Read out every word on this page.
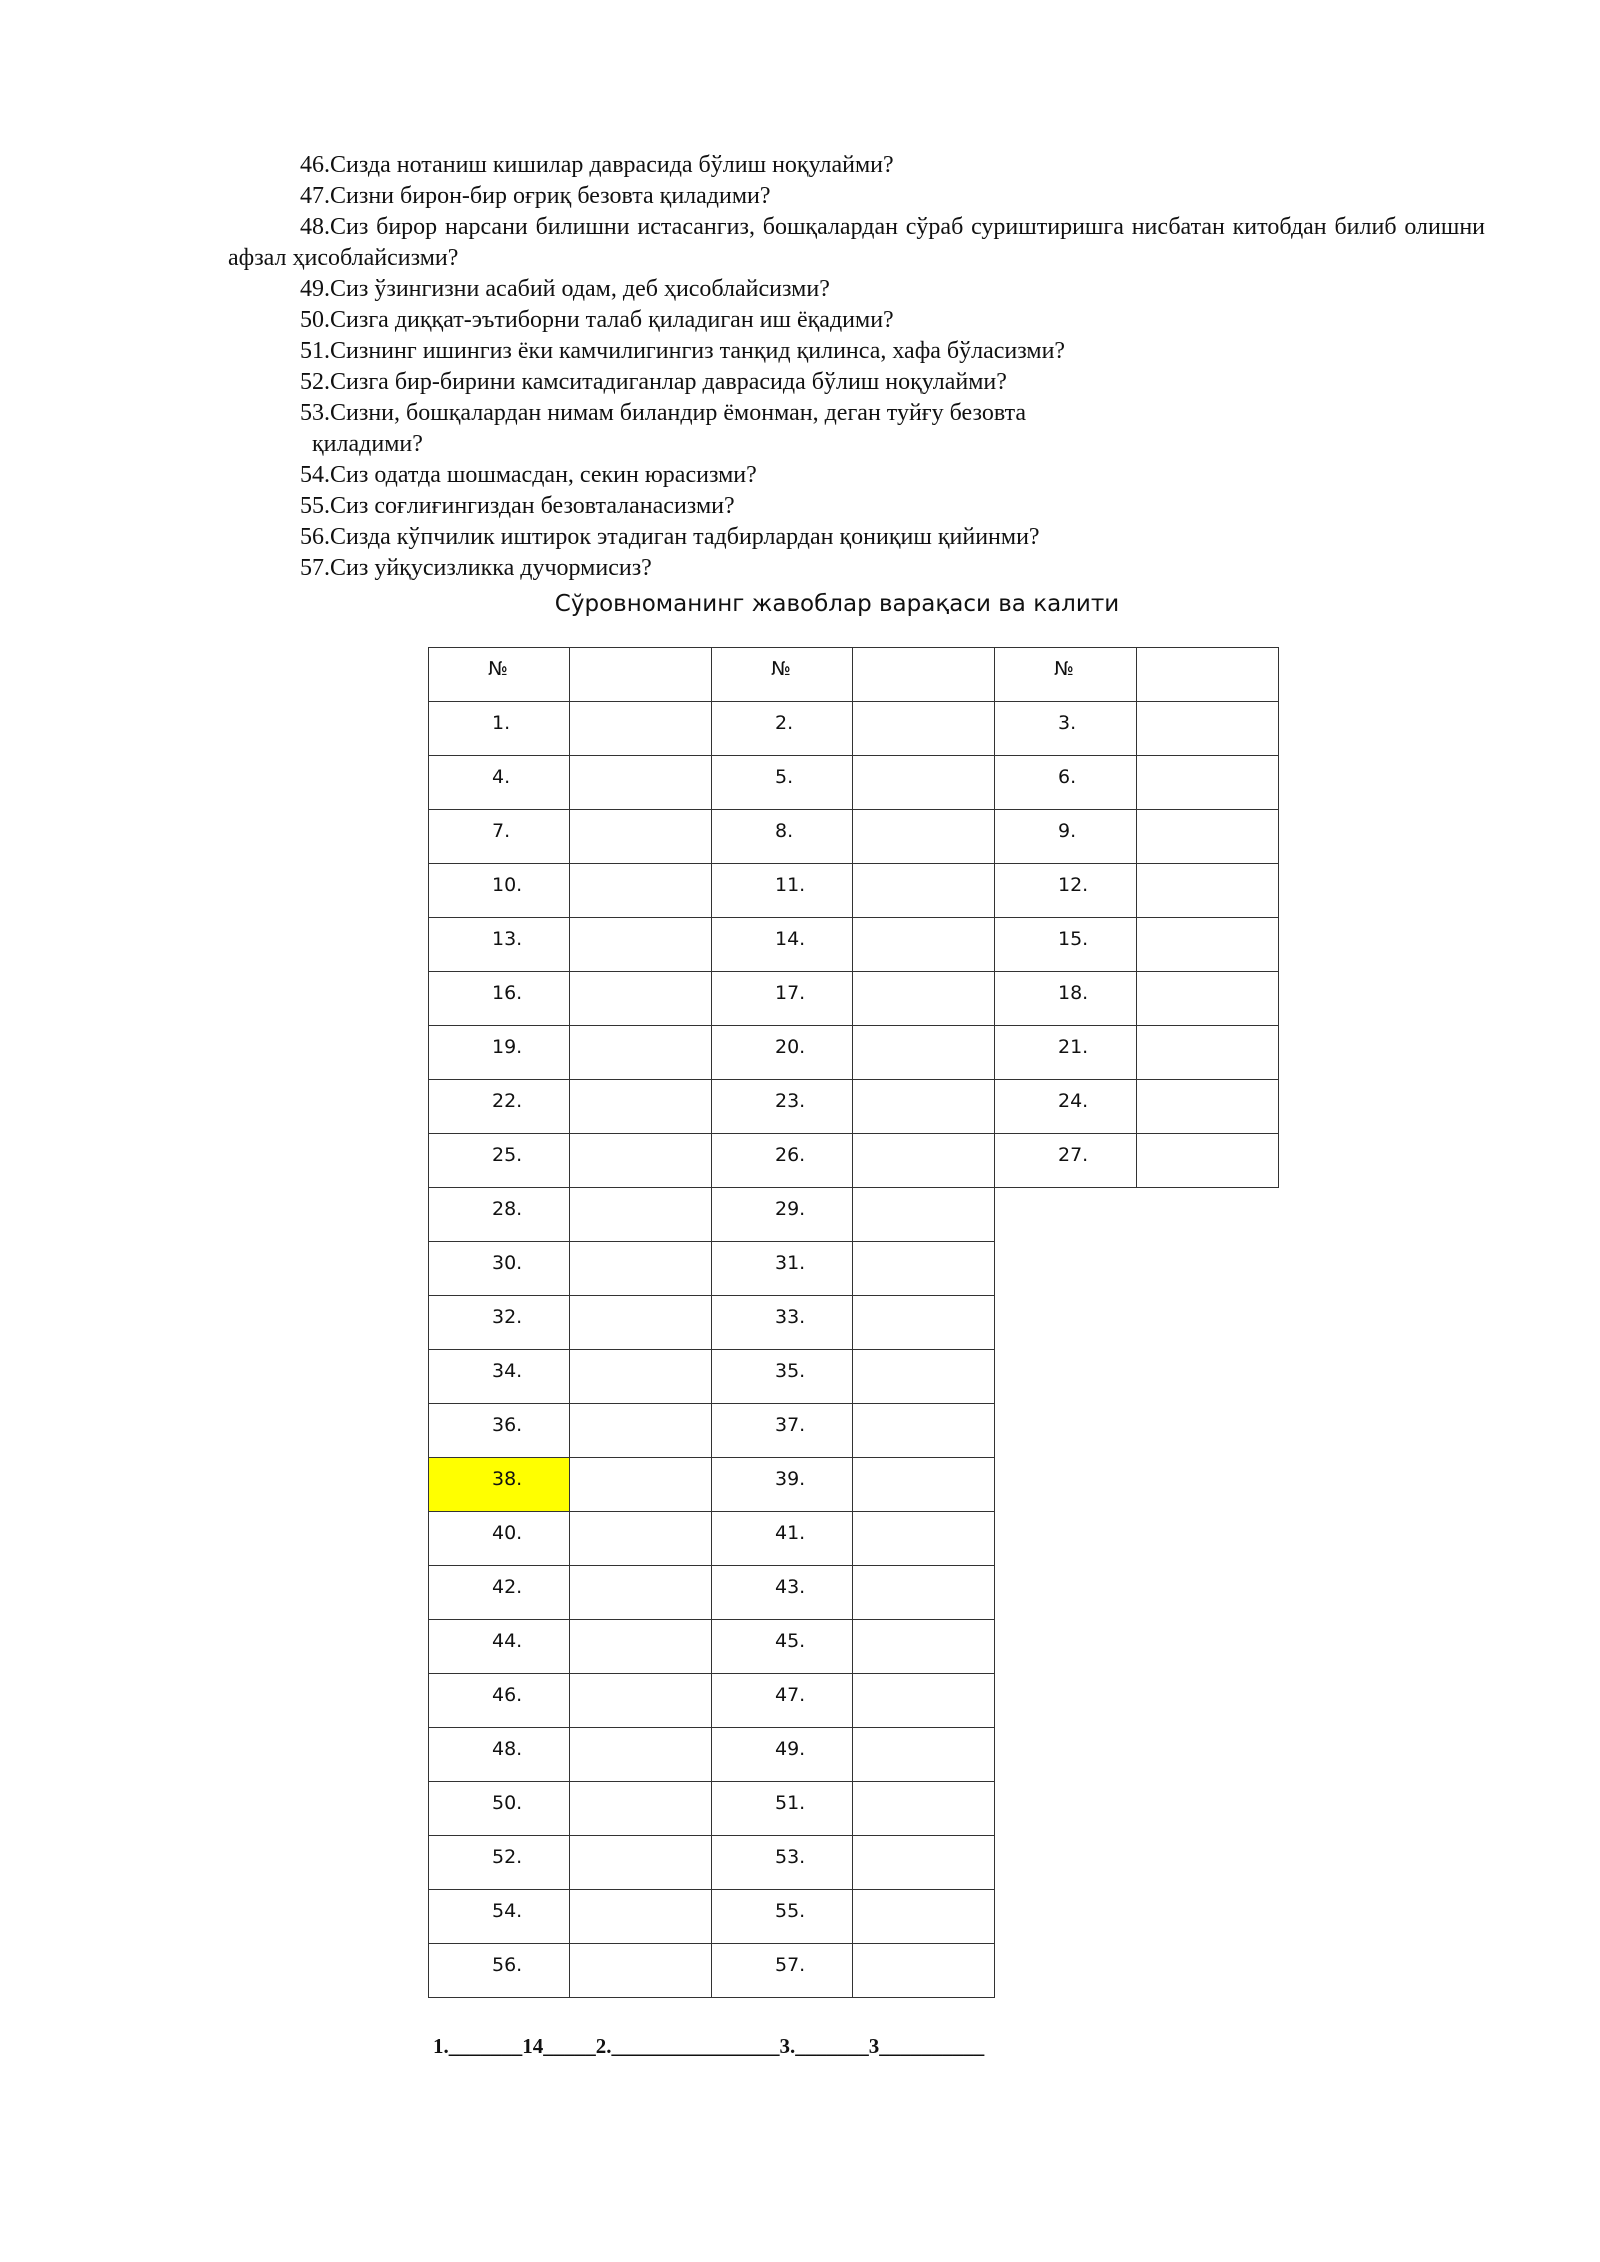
46.Сизда нотаниш кишилар даврасида бўлиш ноқулайми?

47.Сизни бирон-бир оғриқ безовта қиладими?

48.Сиз бирор нарсани билишни истасангиз, бошқалардан сўраб суриштиришга нисбатан китобдан билиб олишни афзал ҳисоблайсизми?

49.Сиз ўзингизни асабий одам, деб ҳисоблайсизми?

50.Сизга диққат-эътиборни талаб қиладиган иш ёқадими?

51.Сизнинг ишингиз ёки камчилигингиз танқид қилинса, хафа бўласизми?

52.Сизга бир-бирини камситадиганлар даврасида бўлиш ноқулайми?

53.Сизни, бошқалардан нимам биландир ёмонман, деган туйғу безовта
қиладими?

54.Сиз одатда шошмасдан, секин юрасизми?

55.Сиз соғлиғингиздан безовталанасизми?

56.Сизда кўпчилик иштирок этадиган тадбирлардан қониқиш қийинми?

57.Сиз уйқусизликка дучормисиз?

Cўровноманинг жавоблар варақаси ва калити
№		№		№	
1.		2.		3.	
4.		5.		6.	
7.		8.		9.	
10.		11.		12.	
13.		14.		15.	
16.		17.		18.	
19.		20.		21.	
22.		23.		24.	
25.		26.		27.	
28.		29.			
30.		31.			
32.		33.			
34.		35.			
36.		37.			
38.		39.			
40.		41.			
42.		43.			
44.		45.			
46.		47.			
48.		49.			
50.		51.			
52.		53.			
54.		55.			
56.		57.			
1._______14_____2.________________3._______3__________
